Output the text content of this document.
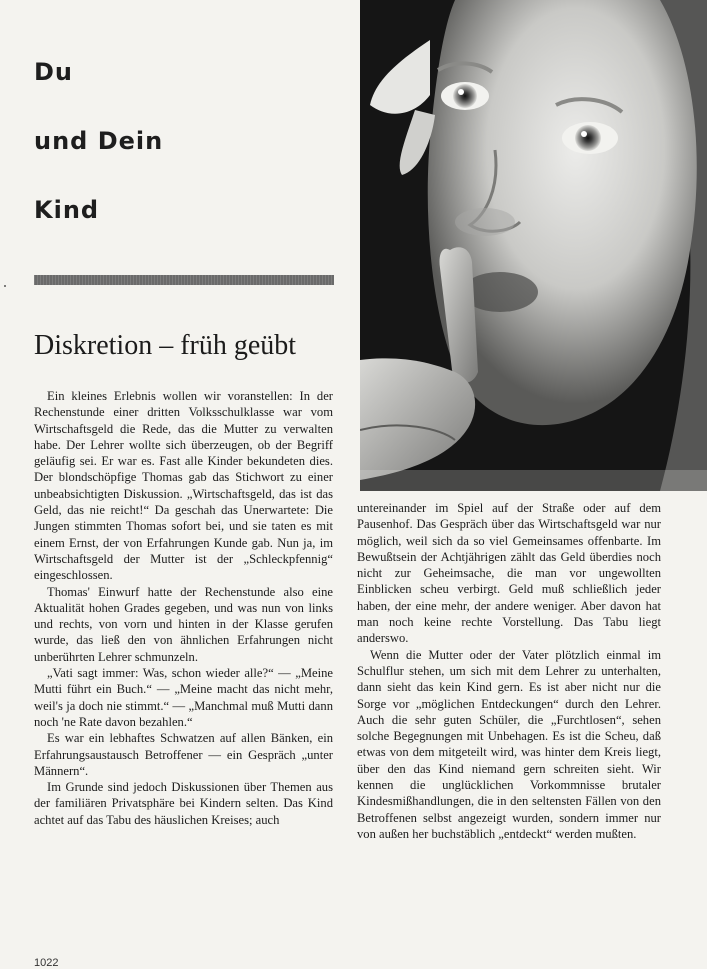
Du
und Dein
Kind
Diskretion – früh geübt

Ein kleines Erlebnis wollen wir voranstellen: In der Rechenstunde einer dritten Volksschulklasse war vom Wirtschaftsgeld die Rede, das die Mutter zu verwalten habe. Der Lehrer wollte sich überzeugen, ob der Begriff geläufig sei. Er war es. Fast alle Kinder bekundeten dies. Der blondschöpfige Thomas gab das Stichwort zu einer unbeabsichtigten Diskussion. „Wirtschaftsgeld, das ist das Geld, das nie reicht!“ Da geschah das Unerwartete: Die Jungen stimmten Thomas sofort bei, und sie taten es mit einem Ernst, der von Erfahrungen Kunde gab. Nun ja, im Wirtschaftsgeld der Mutter ist der „Schleckpfennig“ eingeschlossen.

Thomas' Einwurf hatte der Rechenstunde also eine Aktualität hohen Grades gegeben, und was nun von links und rechts, von vorn und hinten in der Klasse gerufen wurde, das ließ den von ähnlichen Erfahrungen nicht unberührten Lehrer schmunzeln.

„Vati sagt immer: Was, schon wieder alle?“ — „Meine Mutti führt ein Buch.“ — „Meine macht das nicht mehr, weil's ja doch nie stimmt.“ — „Manchmal muß Mutti dann noch 'ne Rate davon bezahlen.“

Es war ein lebhaftes Schwatzen auf allen Bänken, ein Erfahrungsaustausch Betroffener — ein Gespräch „unter Männern“.

Im Grunde sind jedoch Diskussionen über Themen aus der familiären Privatsphäre bei Kindern selten. Das Kind achtet auf das Tabu des häuslichen Kreises; auch

untereinander im Spiel auf der Straße oder auf dem Pausenhof. Das Gespräch über das Wirtschaftsgeld war nur möglich, weil sich da so viel Gemeinsames offenbarte. Im Bewußtsein der Achtjährigen zählt das Geld überdies noch nicht zur Geheimsache, die man vor ungewollten Einblicken scheu verbirgt. Geld muß schließlich jeder haben, der eine mehr, der andere weniger. Aber davon hat man noch keine rechte Vorstellung. Das Tabu liegt anderswo.

Wenn die Mutter oder der Vater plötzlich einmal im Schulflur stehen, um sich mit dem Lehrer zu unterhalten, dann sieht das kein Kind gern. Es ist aber nicht nur die Sorge vor „möglichen Entdeckungen“ durch den Lehrer. Auch die sehr guten Schüler, die „Furchtlosen“, sehen solche Begegnungen mit Unbehagen. Es ist die Scheu, daß etwas von dem mitgeteilt wird, was hinter dem Kreis liegt, über den das Kind niemand gern schreiten sieht. Wir kennen die unglücklichen Vorkommnisse brutaler Kindesmißhandlungen, die in den seltensten Fällen von den Betroffenen selbst angezeigt wurden, sondern immer nur von außen her buchstäblich „entdeckt“ werden mußten.

1022
